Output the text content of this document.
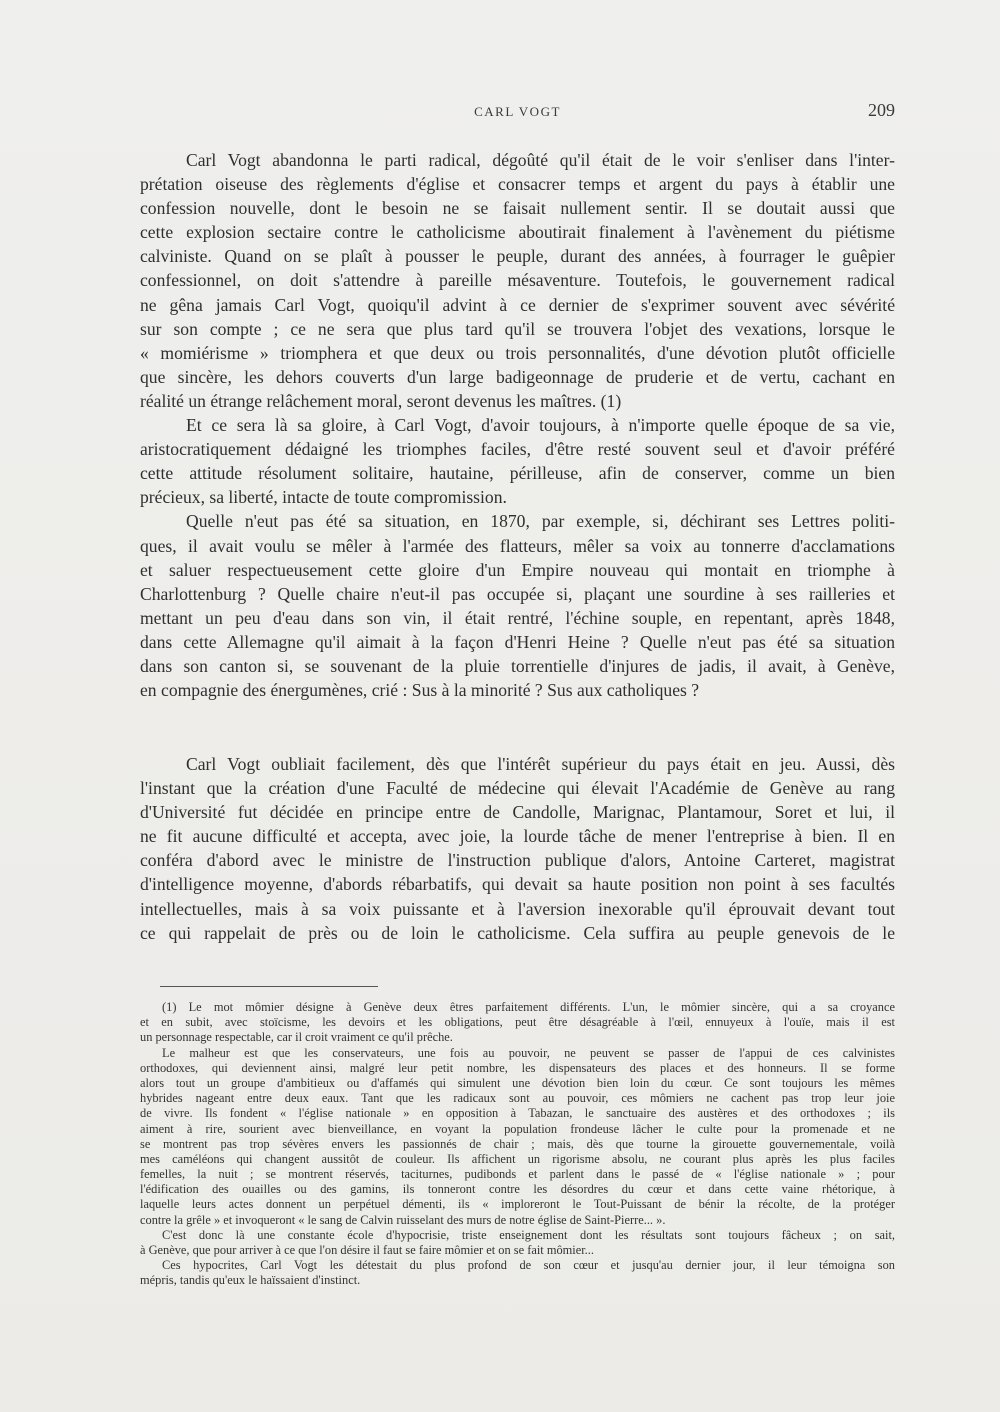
CARL VOGT	209
Carl Vogt abandonna le parti radical, dégoûté qu'il était de le voir s'enliser dans l'inter-
prétation oiseuse des règlements d'église et consacrer temps et argent du pays à établir une
confession nouvelle, dont le besoin ne se faisait nullement sentir. Il se doutait aussi que
cette explosion sectaire contre le catholicisme aboutirait finalement à l'avènement du piétisme
calviniste. Quand on se plaît à pousser le peuple, durant des années, à fourrager le guêpier
confessionnel, on doit s'attendre à pareille mésaventure. Toutefois, le gouvernement radical
ne gêna jamais Carl Vogt, quoiqu'il advint à ce dernier de s'exprimer souvent avec sévérité
sur son compte ; ce ne sera que plus tard qu'il se trouvera l'objet des vexations, lorsque le
« momiérisme » triomphera et que deux ou trois personnalités, d'une dévotion plutôt officielle
que sincère, les dehors couverts d'un large badigeonnage de pruderie et de vertu, cachant en
réalité un étrange relâchement moral, seront devenus les maîtres. (1)
Et ce sera là sa gloire, à Carl Vogt, d'avoir toujours, à n'importe quelle époque de sa vie,
aristocratiquement dédaigné les triomphes faciles, d'être resté souvent seul et d'avoir préféré
cette attitude résolument solitaire, hautaine, périlleuse, afin de conserver, comme un bien
précieux, sa liberté, intacte de toute compromission.
Quelle n'eut pas été sa situation, en 1870, par exemple, si, déchirant ses Lettres politi-
ques, il avait voulu se mêler à l'armée des flatteurs, mêler sa voix au tonnerre d'acclamations
et saluer respectueusement cette gloire d'un Empire nouveau qui montait en triomphe à
Charlottenburg ? Quelle chaire n'eut-il pas occupée si, plaçant une sourdine à ses railleries et
mettant un peu d'eau dans son vin, il était rentré, l'échine souple, en repentant, après 1848,
dans cette Allemagne qu'il aimait à la façon d'Henri Heine ? Quelle n'eut pas été sa situation
dans son canton si, se souvenant de la pluie torrentielle d'injures de jadis, il avait, à Genève,
en compagnie des énergumènes, crié : Sus à la minorité ? Sus aux catholiques ?
Carl Vogt oubliait facilement, dès que l'intérêt supérieur du pays était en jeu. Aussi, dès
l'instant que la création d'une Faculté de médecine qui élevait l'Académie de Genève au rang
d'Université fut décidée en principe entre de Candolle, Marignac, Plantamour, Soret et lui, il
ne fit aucune difficulté et accepta, avec joie, la lourde tâche de mener l'entreprise à bien. Il en
conféra d'abord avec le ministre de l'instruction publique d'alors, Antoine Carteret, magistrat
d'intelligence moyenne, d'abords rébarbatifs, qui devait sa haute position non point à ses facultés
intellectuelles, mais à sa voix puissante et à l'aversion inexorable qu'il éprouvait devant tout
ce qui rappelait de près ou de loin le catholicisme. Cela suffira au peuple genevois de le
(1) Le mot mômier désigne à Genève deux êtres parfaitement différents. L'un, le mômier sincère, qui a sa croyance
et en subit, avec stoïcisme, les devoirs et les obligations, peut être désagréable à l'œil, ennuyeux à l'ouïe, mais il est
un personnage respectable, car il croit vraiment ce qu'il prêche.
Le malheur est que les conservateurs, une fois au pouvoir, ne peuvent se passer de l'appui de ces calvinistes
orthodoxes, qui deviennent ainsi, malgré leur petit nombre, les dispensateurs des places et des honneurs. Il se forme
alors tout un groupe d'ambitieux ou d'affamés qui simulent une dévotion bien loin du cœur. Ce sont toujours les mêmes
hybrides nageant entre deux eaux. Tant que les radicaux sont au pouvoir, ces mômiers ne cachent pas trop leur joie
de vivre. Ils fondent « l'église nationale » en opposition à Tabazan, le sanctuaire des austères et des orthodoxes ; ils
aiment à rire, sourient avec bienveillance, en voyant la population frondeuse lâcher le culte pour la promenade et ne
se montrent pas trop sévères envers les passionnés de chair ; mais, dès que tourne la girouette gouvernementale, voilà
mes caméléons qui changent aussitôt de couleur. Ils affichent un rigorisme absolu, ne courant plus après les plus faciles
femelles, la nuit ; se montrent réservés, taciturnes, pudibonds et parlent dans le passé de « l'église nationale » ; pour
l'édification des ouailles ou des gamins, ils tonneront contre les désordres du cœur et dans cette vaine rhétorique, à
laquelle leurs actes donnent un perpétuel démenti, ils « imploreront le Tout-Puissant de bénir la récolte, de la protéger
contre la grêle » et invoqueront « le sang de Calvin ruisselant des murs de notre église de Saint-Pierre... ».
C'est donc là une constante école d'hypocrisie, triste enseignement dont les résultats sont toujours fâcheux ; on sait,
à Genève, que pour arriver à ce que l'on désire il faut se faire mômier et on se fait mômier...
Ces hypocrites, Carl Vogt les détestait du plus profond de son cœur et jusqu'au dernier jour, il leur témoigna son
mépris, tandis qu'eux le haïssaient d'instinct.
